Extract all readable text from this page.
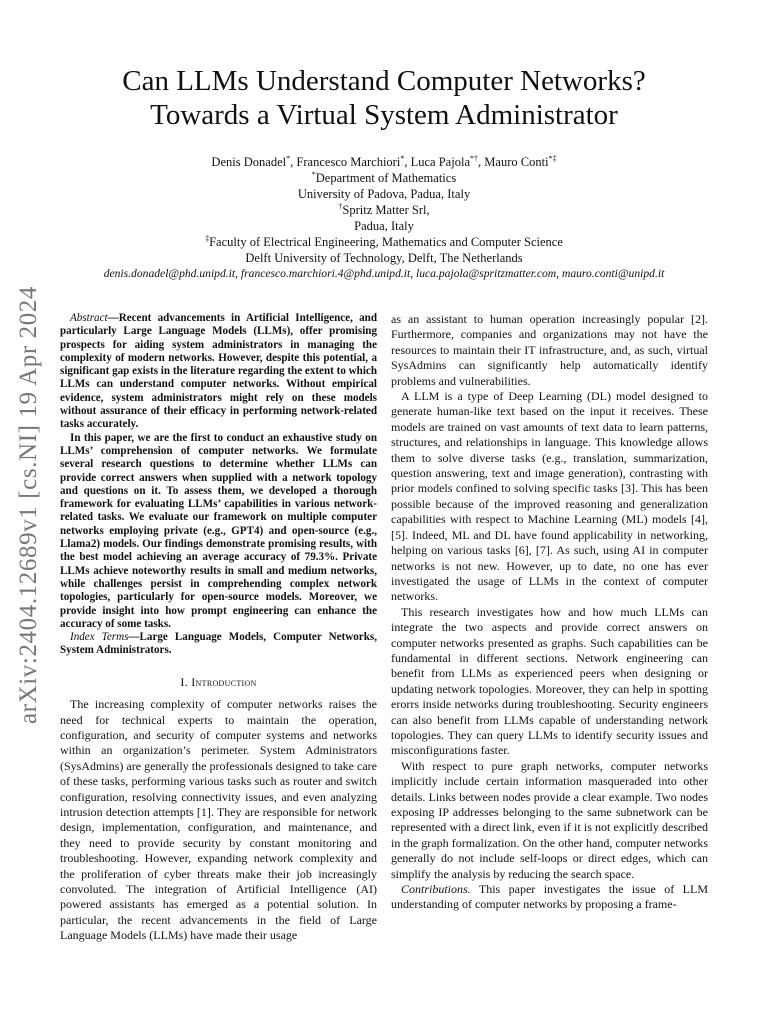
arXiv:2404.12689v1 [cs.NI] 19 Apr 2024
Can LLMs Understand Computer Networks?
Towards a Virtual System Administrator
Denis Donadel*, Francesco Marchiori*, Luca Pajola*†, Mauro Conti*‡
*Department of Mathematics
University of Padova, Padua, Italy
†Spritz Matter Srl,
Padua, Italy
‡Faculty of Electrical Engineering, Mathematics and Computer Science
Delft University of Technology, Delft, The Netherlands
denis.donadel@phd.unipd.it, francesco.marchiori.4@phd.unipd.it, luca.pajola@spritzmatter.com, mauro.conti@unipd.it

Abstract—Recent advancements in Artificial Intelligence, and particularly Large Language Models (LLMs), offer promising prospects for aiding system administrators in managing the complexity of modern networks. However, despite this potential, a significant gap exists in the literature regarding the extent to which LLMs can understand computer networks. Without empirical evidence, system administrators might rely on these models without assurance of their efficacy in performing network-related tasks accurately.

In this paper, we are the first to conduct an exhaustive study on LLMs’ comprehension of computer networks. We formulate several research questions to determine whether LLMs can provide correct answers when supplied with a network topology and questions on it. To assess them, we developed a thorough framework for evaluating LLMs’ capabilities in various network-related tasks. We evaluate our framework on multiple computer networks employing private (e.g., GPT4) and open-source (e.g., Llama2) models. Our findings demonstrate promising results, with the best model achieving an average accuracy of 79.3%. Private LLMs achieve noteworthy results in small and medium networks, while challenges persist in comprehending complex network topologies, particularly for open-source models. Moreover, we provide insight into how prompt engineering can enhance the accuracy of some tasks.

Index Terms—Large Language Models, Computer Networks, System Administrators.

I. Introduction

The increasing complexity of computer networks raises the need for technical experts to maintain the operation, configuration, and security of computer systems and networks within an organization’s perimeter. System Administrators (SysAdmins) are generally the professionals designed to take care of these tasks, performing various tasks such as router and switch configuration, resolving connectivity issues, and even analyzing intrusion detection attempts [1]. They are responsible for network design, implementation, configuration, and maintenance, and they need to provide security by constant monitoring and troubleshooting. However, expanding network complexity and the proliferation of cyber threats make their job increasingly convoluted. The integration of Artificial Intelligence (AI) powered assistants has emerged as a potential solution. In particular, the recent advancements in the field of Large Language Models (LLMs) have made their usage

as an assistant to human operation increasingly popular [2]. Furthermore, companies and organizations may not have the resources to maintain their IT infrastructure, and, as such, virtual SysAdmins can significantly help automatically identify problems and vulnerabilities.

A LLM is a type of Deep Learning (DL) model designed to generate human-like text based on the input it receives. These models are trained on vast amounts of text data to learn patterns, structures, and relationships in language. This knowledge allows them to solve diverse tasks (e.g., translation, summarization, question answering, text and image generation), contrasting with prior models confined to solving specific tasks [3]. This has been possible because of the improved reasoning and generalization capabilities with respect to Machine Learning (ML) models [4], [5]. Indeed, ML and DL have found applicability in networking, helping on various tasks [6], [7]. As such, using AI in computer networks is not new. However, up to date, no one has ever investigated the usage of LLMs in the context of computer networks.

This research investigates how and how much LLMs can integrate the two aspects and provide correct answers on computer networks presented as graphs. Such capabilities can be fundamental in different sections. Network engineering can benefit from LLMs as experienced peers when designing or updating network topologies. Moreover, they can help in spotting erorrs inside networks during troubleshooting. Security engineers can also benefit from LLMs capable of understanding network topologies. They can query LLMs to identify security issues and misconfigurations faster.

With respect to pure graph networks, computer networks implicitly include certain information masqueraded into other details. Links between nodes provide a clear example. Two nodes exposing IP addresses belonging to the same subnetwork can be represented with a direct link, even if it is not explicitly described in the graph formalization. On the other hand, computer networks generally do not include self-loops or direct edges, which can simplify the analysis by reducing the search space.

Contributions. This paper investigates the issue of LLM understanding of computer networks by proposing a frame-
